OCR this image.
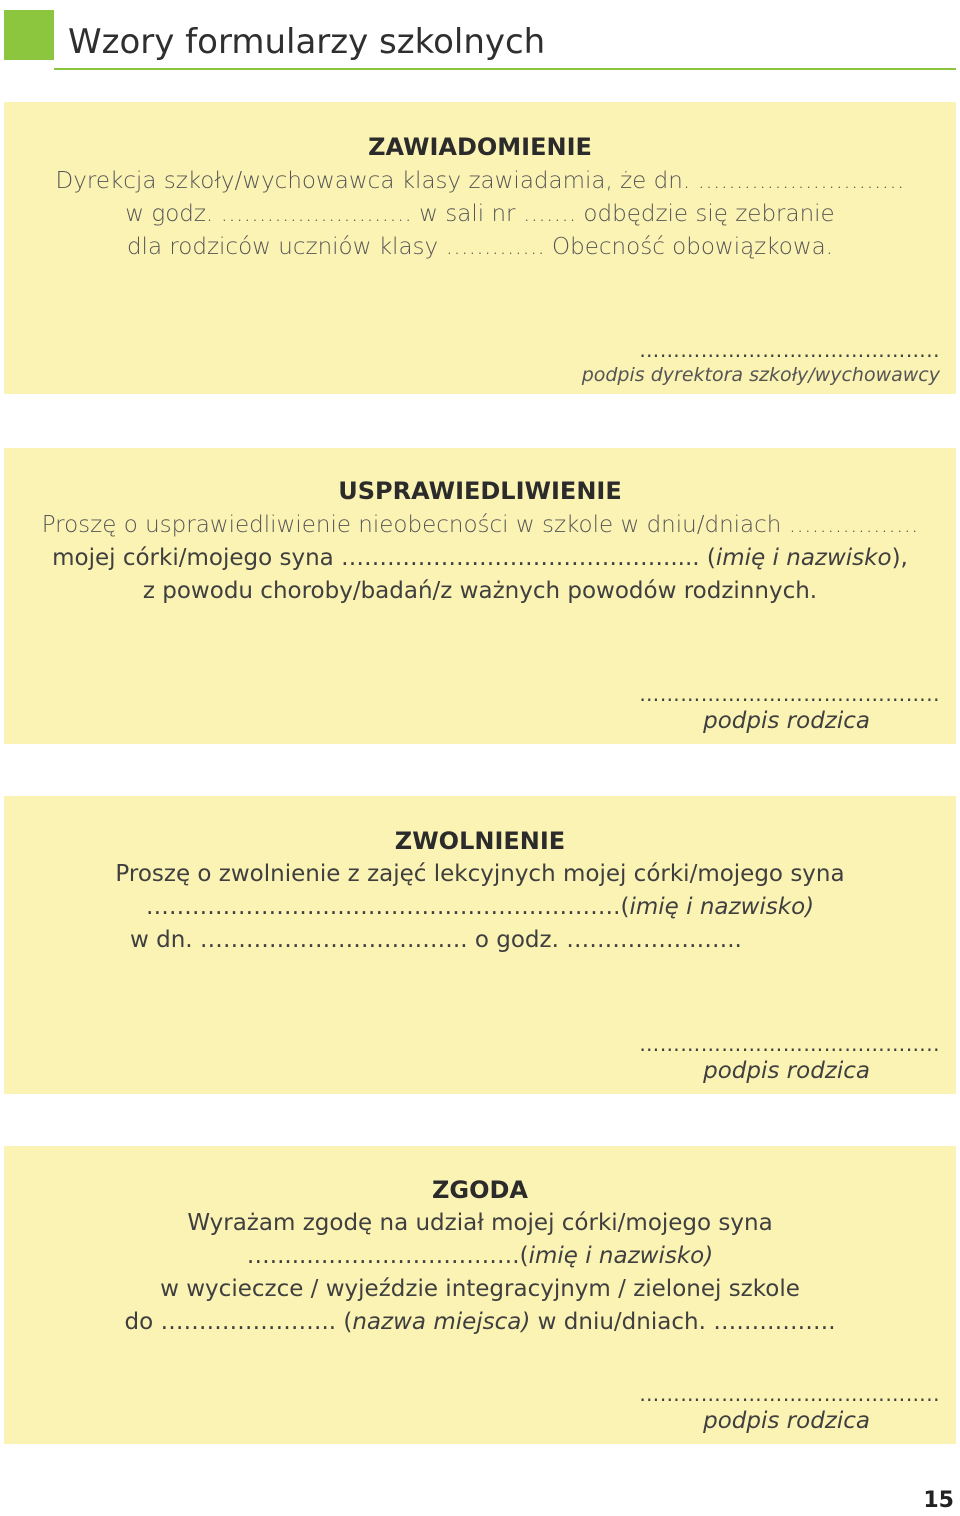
Wzory formularzy szkolnych
ZAWIADOMIENIE
Dyrekcja szkoły/wychowawca klasy zawiadamia, że dn. ………………………
w godz. ……………………. w sali nr ……. odbędzie się zebranie
dla rodziców uczniów klasy …………. Obecność obowiązkowa.
……………………………………..
podpis dyrektora szkoły/wychowawcy
USPRAWIEDLIWIENIE
Proszę o usprawiedliwienie nieobecności w szkole w dniu/dniach ……………..
mojej córki/mojego syna ……………………………………..... (imię i nazwisko),
z powodu choroby/badań/z ważnych powodów rodzinnych.
……………………………………..
podpis rodzica
ZWOLNIENIE
Proszę o zwolnienie z zajęć lekcyjnych mojej córki/mojego syna
…………………….……………………………….(imię i nazwisko)
w dn. …………………………….. o godz. …………………..
……………………………………..
podpis rodzica
ZGODA
Wyrażam zgodę na udział mojej córki/mojego syna
…........…………………….(imię i nazwisko)
w wycieczce / wyjeździe integracyjnym / zielonej szkole
do ………………….. (nazwa miejsca) w dniu/dniach. …………….
……………………………………..
podpis rodzica
15
